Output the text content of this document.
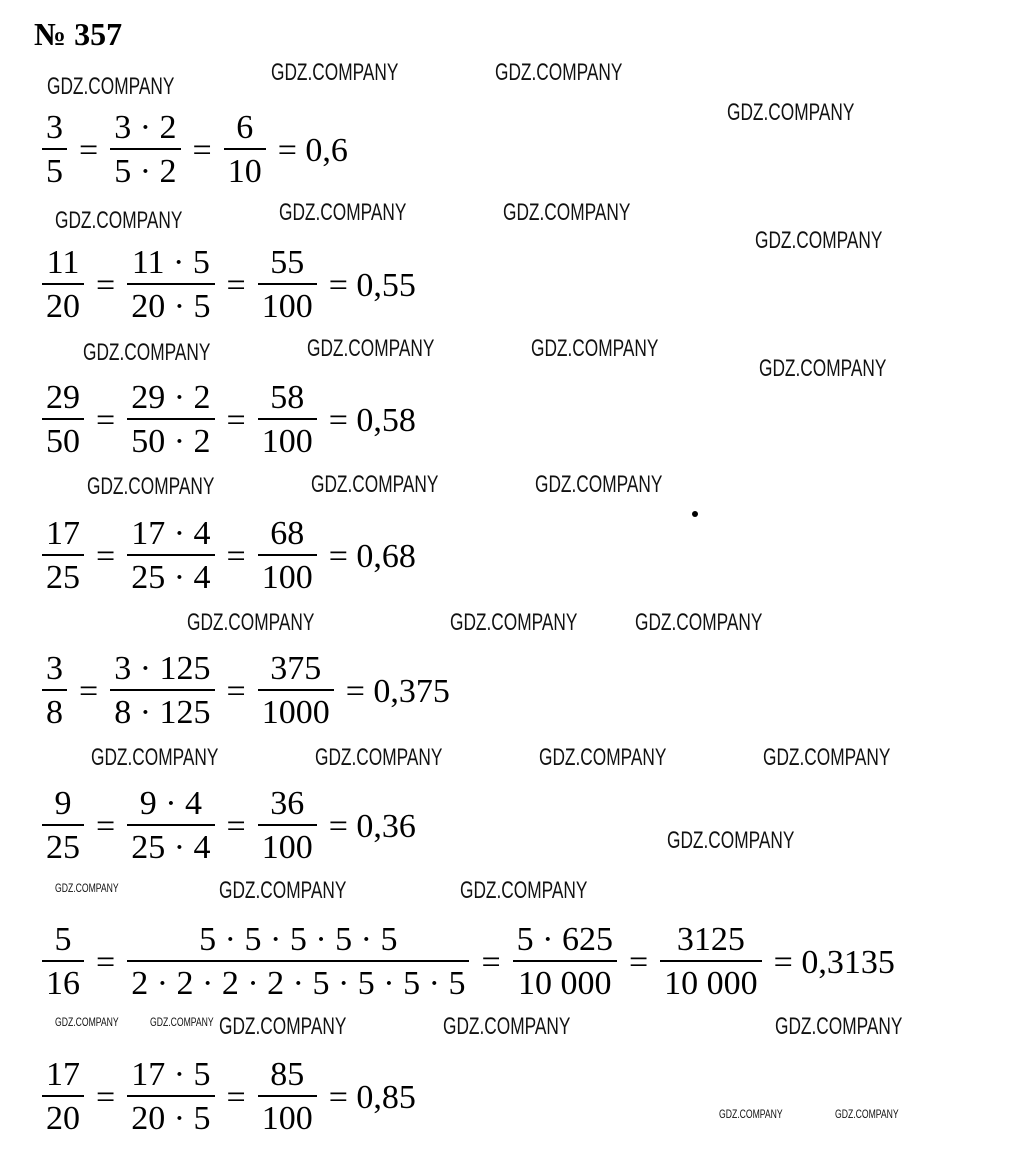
№ 357
$\frac{3}{5} = \frac{3 \cdot 2}{5 \cdot 2} = \frac{6}{10} = 0,6$
$\frac{11}{20} = \frac{11 \cdot 5}{20 \cdot 5} = \frac{55}{100} = 0,55$
$\frac{29}{50} = \frac{29 \cdot 2}{50 \cdot 2} = \frac{58}{100} = 0,58$
$\frac{17}{25} = \frac{17 \cdot 4}{25 \cdot 4} = \frac{68}{100} = 0,68$
$\frac{3}{8} = \frac{3 \cdot 125}{8 \cdot 125} = \frac{375}{1000} = 0,375$
$\frac{9}{25} = \frac{9 \cdot 4}{25 \cdot 4} = \frac{36}{100} = 0,36$
$\frac{5}{16} = \frac{5 \cdot 5 \cdot 5 \cdot 5 \cdot 5}{2 \cdot 2 \cdot 2 \cdot 2 \cdot 5 \cdot 5 \cdot 5 \cdot 5} = \frac{5 \cdot 625}{10 000} = \frac{3125}{10 000} = 0,3135$
$\frac{17}{20} = \frac{17 \cdot 5}{20 \cdot 5} = \frac{85}{100} = 0,85$
GDZ.COMPANY
GDZ.COMPANY	GDZ.COMPANY
GDZ.COMPANY
GDZ.COMPANY	GDZ.COMPANY
GDZ.COMPANY
GDZ.COMPANY
GDZ.COMPANY	GDZ.COMPANY
GDZ.COMPANY
GDZ.COMPANY
GDZ.COMPANY	GDZ.COMPANY
GDZ.COMPANY
GDZ.COMPANY GDZ.COMPANY
GDZ.COMPANY
GDZ.COMPANY	GDZ.COMPANY
GDZ.COMPANY
GDZ.COMPANY
GDZ.COMPANY
GDZ.COMPANY
GDZ.COMPANY
GDZ.COMPANY
GDZ.COMPANY	GDZ.COMPANY
GDZ.COMPANY
GDZ.COMPANY
GDZ.COMPANY
GDZ.COMPANY	GDZ.COMPANY
